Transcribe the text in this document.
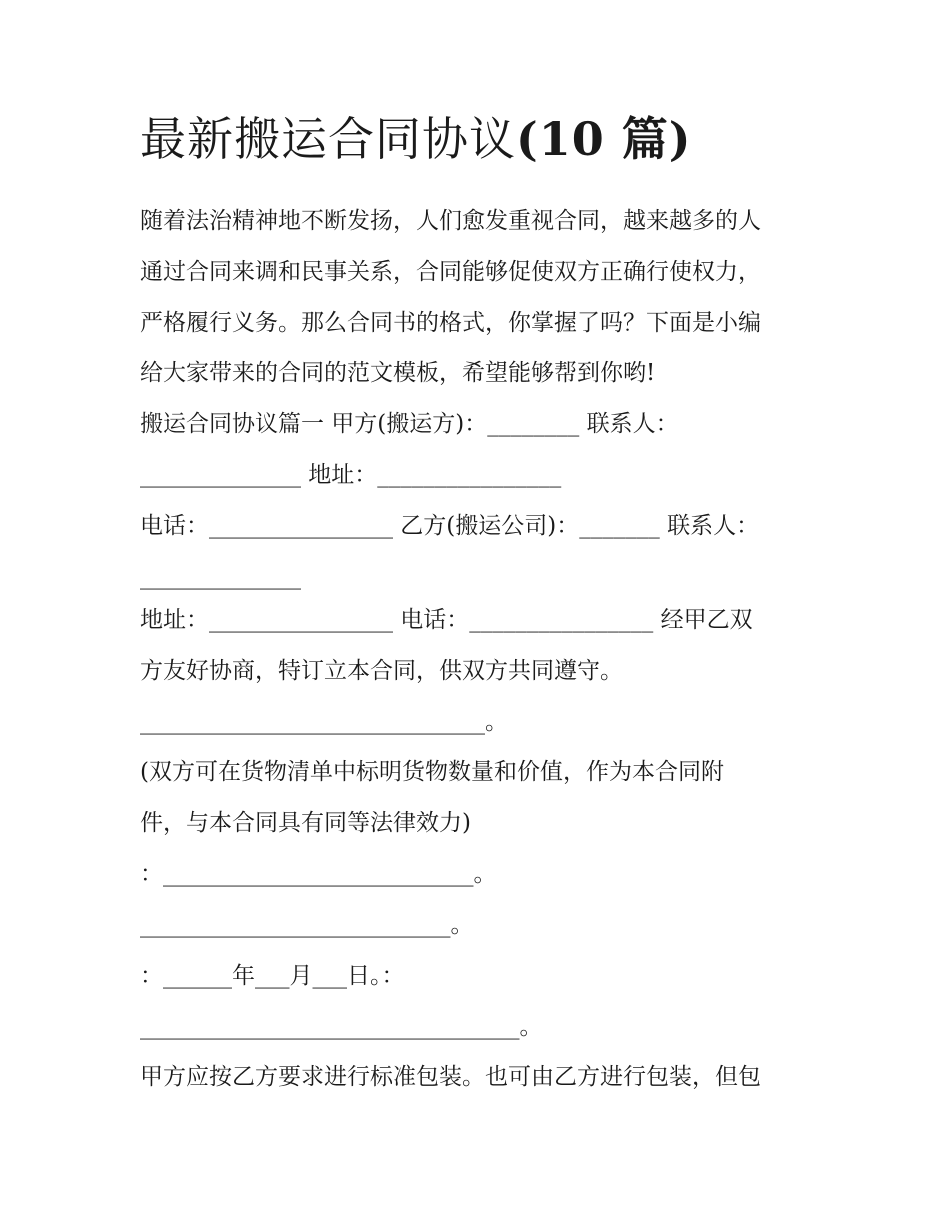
最新搬运合同协议(10 篇)
随着法治精神地不断发扬，人们愈发重视合同，越来越多的人
通过合同来调和民事关系，合同能够促使双方正确行使权力，
严格履行义务。那么合同书的格式，你掌握了吗？下面是小编
给大家带来的合同的范文模板，希望能够帮到你哟!
搬运合同协议篇一 甲方(搬运方)：________ 联系人：
______________ 地址：________________
电话：________________ 乙方(搬运公司)：_______ 联系人：
______________
地址：________________ 电话：________________ 经甲乙双
方友好协商，特订立本合同，供双方共同遵守。
______________________________。
(双方可在货物清单中标明货物数量和价值，作为本合同附
件，与本合同具有同等法律效力)
：___________________________。
___________________________。
：______年___月___日。：
_________________________________。
甲方应按乙方要求进行标准包装。也可由乙方进行包装，但包
